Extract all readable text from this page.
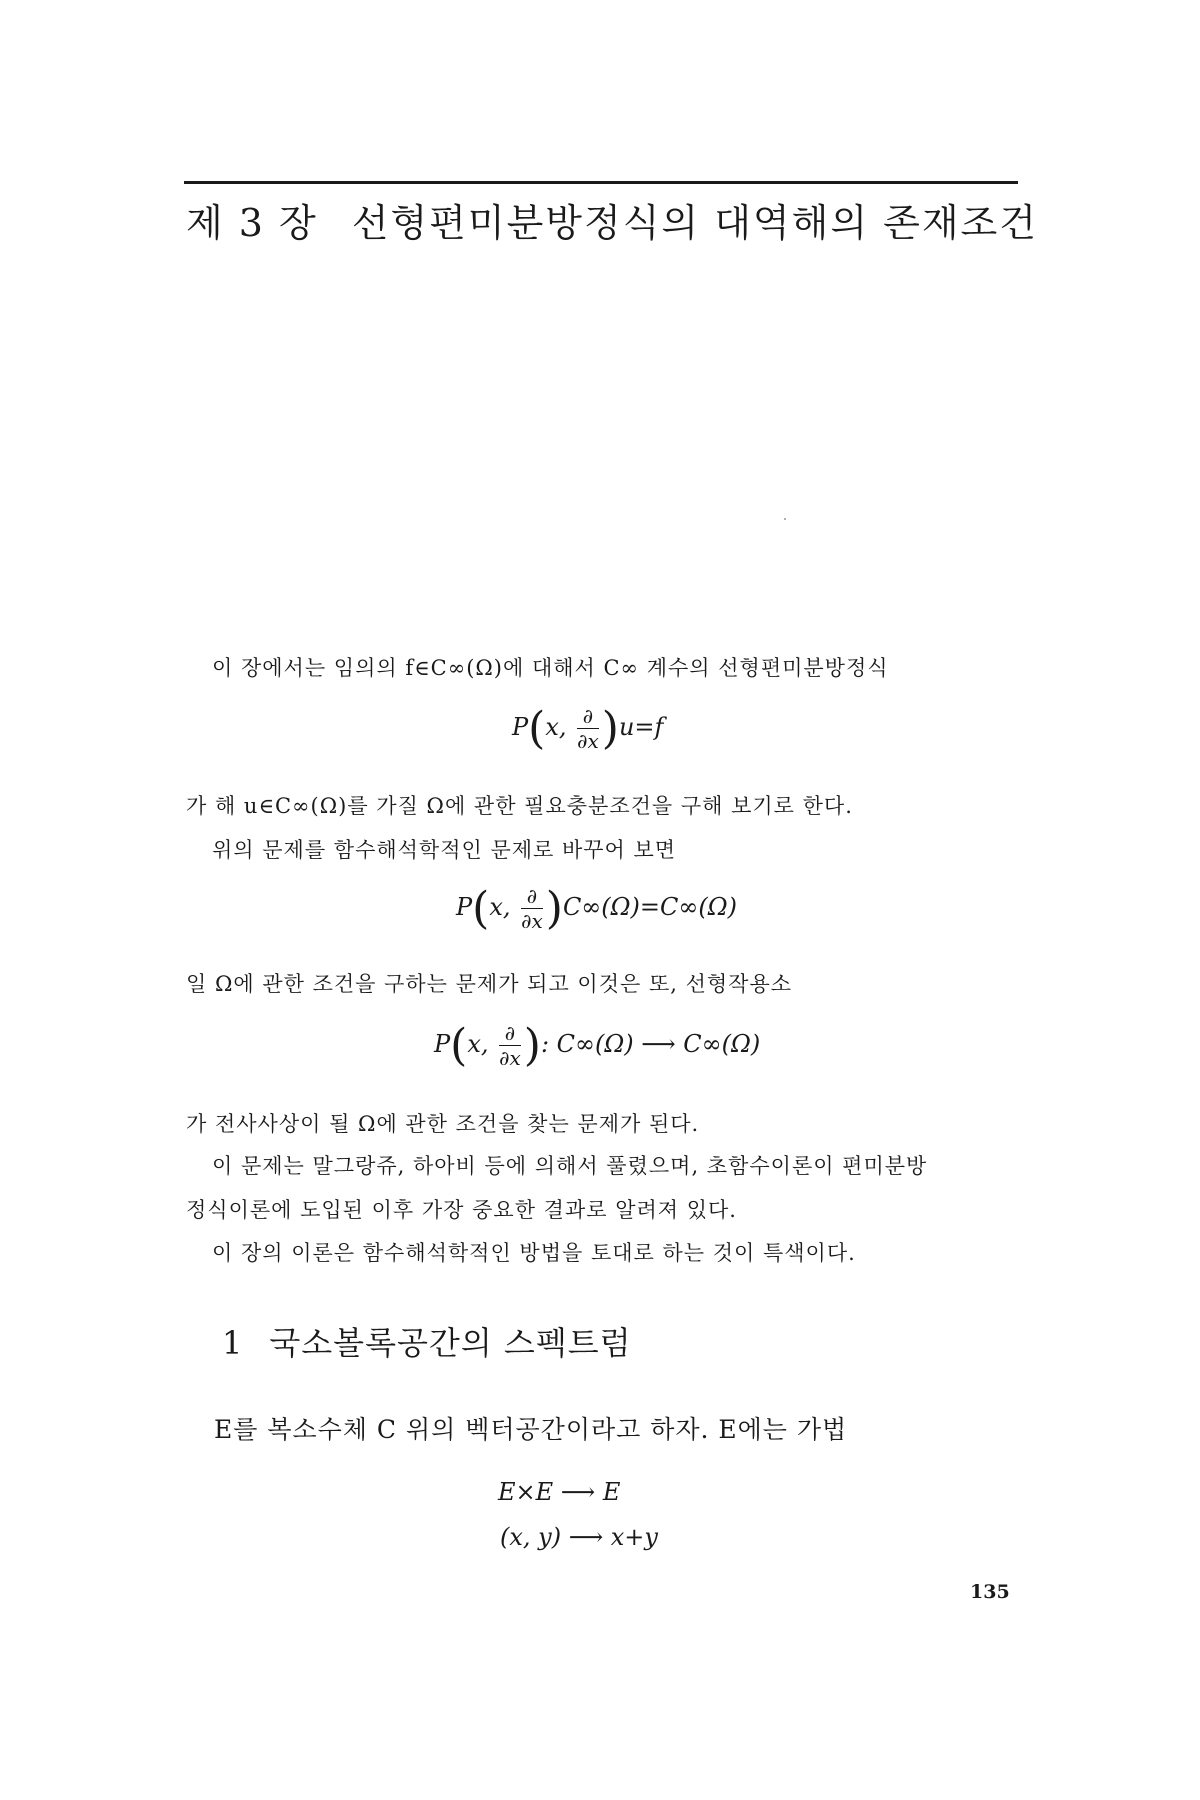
제 3 장 선형편미분방정식의 대역해의 존재조건
이 장에서는 임의의 f∈C∞(Ω)에 대해서 C∞ 계수의 선형편미분방정식
P(x, $\frac{\partial}{\partial x} )u=f$
가 해 u∈C∞(Ω)를 가질 Ω에 관한 필요충분조건을 구해 보기로 한다.
위의 문제를 함수해석학적인 문제로 바꾸어 보면
P(x, $\frac{\partial}{\partial x} )C\infty(\Omega)=C\infty(\Omega)$
일 Ω에 관한 조건을 구하는 문제가 되고 이것은 또, 선형작용소
P(x, $\frac{\partial}{\partial x}$ ): C∞(Ω) ⟶ C∞(Ω)
가 전사사상이 될 Ω에 관한 조건을 찾는 문제가 된다.
이 문제는 말그랑쥬, 하아비 등에 의해서 풀렸으며, 초함수이론이 편미분방
정식이론에 도입된 이후 가장 중요한 결과로 알려져 있다.
이 장의 이론은 함수해석학적인 방법을 토대로 하는 것이 특색이다.
1 국소볼록공간의 스펙트럼
E를 복소수체 C 위의 벡터공간이라고 하자. E에는 가법
E×E ⟶ E
(x, y) ⟶ x+y
135
